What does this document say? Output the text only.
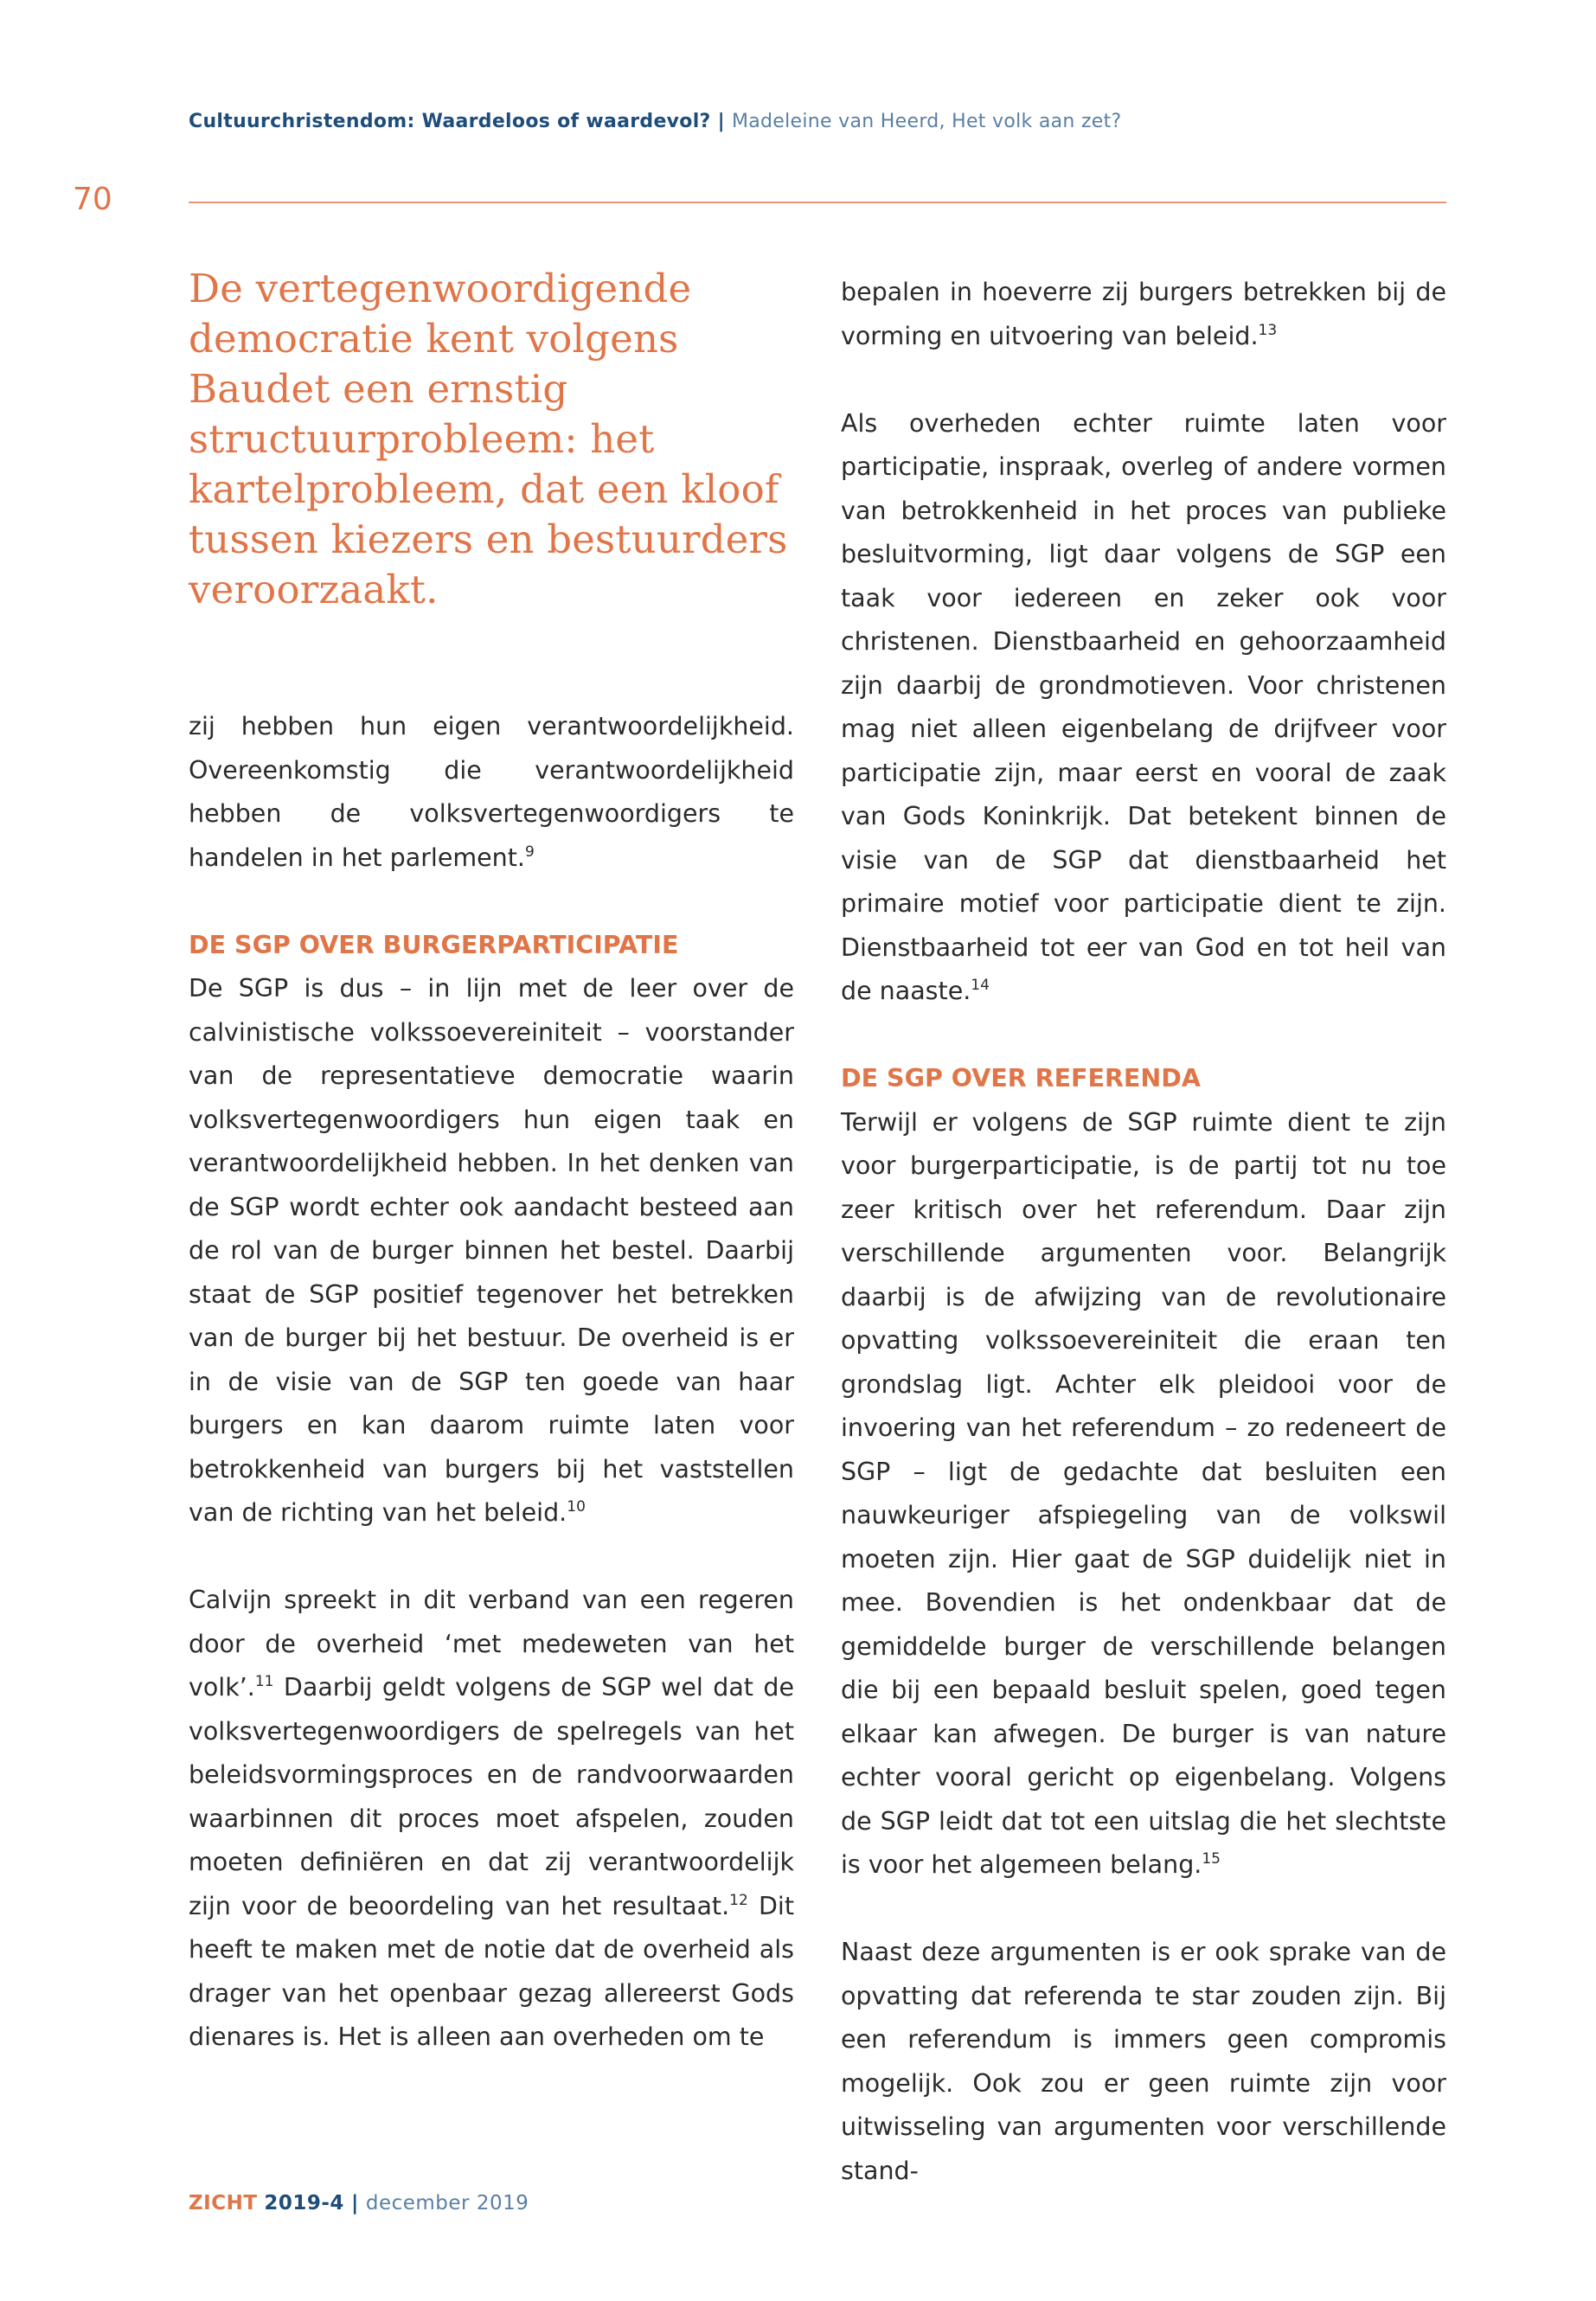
Cultuurchristendom: Waardeloos of waardevol? | Madeleine van Heerd, Het volk aan zet?
70
De vertegenwoordigende democratie kent volgens Baudet een ernstig structuurprobleem: het kartelprobleem, dat een kloof tussen kiezers en bestuurders veroorzaakt.

zij hebben hun eigen verantwoordelijkheid. Overeenkomstig die verantwoordelijkheid hebben de volksvertegenwoordigers te handelen in het parlement.$^9$

DE SGP OVER BURGERPARTICIPATIE

De SGP is dus – in lijn met de leer over de calvinistische volkssoevereiniteit – voorstander van de representatieve democratie waarin volksvertegenwoordigers hun eigen taak en verantwoordelijkheid hebben. In het denken van de SGP wordt echter ook aandacht besteed aan de rol van de burger binnen het bestel. Daarbij staat de SGP positief tegenover het betrekken van de burger bij het bestuur. De overheid is er in de visie van de SGP ten goede van haar burgers en kan daarom ruimte laten voor betrokkenheid van burgers bij het vaststellen van de richting van het beleid.$^{10}$

Calvijn spreekt in dit verband van een regeren door de overheid ‘met medeweten van het volk’.$^{11}$ Daarbij geldt volgens de SGP wel dat de volksvertegenwoordigers de spelregels van het beleidsvormingsproces en de randvoorwaarden waarbinnen dit proces moet afspelen, zouden moeten definiëren en dat zij verantwoordelijk zijn voor de beoordeling van het resultaat.$^{12}$ Dit heeft te maken met de notie dat de overheid als drager van het openbaar gezag allereerst Gods dienares is. Het is alleen aan overheden om te

bepalen in hoeverre zij burgers betrekken bij de vorming en uitvoering van beleid.$^{13}$

Als overheden echter ruimte laten voor participatie, inspraak, overleg of andere vormen van betrokkenheid in het proces van publieke besluitvorming, ligt daar volgens de SGP een taak voor iedereen en zeker ook voor christenen. Dienstbaarheid en gehoorzaamheid zijn daarbij de grondmotieven. Voor christenen mag niet alleen eigenbelang de drijfveer voor participatie zijn, maar eerst en vooral de zaak van Gods Koninkrijk. Dat betekent binnen de visie van de SGP dat dienstbaarheid het primaire motief voor participatie dient te zijn. Dienstbaarheid tot eer van God en tot heil van de naaste.$^{14}$

DE SGP OVER REFERENDA

Terwijl er volgens de SGP ruimte dient te zijn voor burgerparticipatie, is de partij tot nu toe zeer kritisch over het referendum. Daar zijn verschillende argumenten voor. Belangrijk daarbij is de afwijzing van de revolutionaire opvatting volkssoevereiniteit die eraan ten grondslag ligt. Achter elk pleidooi voor de invoering van het referendum – zo redeneert de SGP – ligt de gedachte dat besluiten een nauwkeuriger afspiegeling van de volkswil moeten zijn. Hier gaat de SGP duidelijk niet in mee. Bovendien is het ondenkbaar dat de gemiddelde burger de verschillende belangen die bij een bepaald besluit spelen, goed tegen elkaar kan afwegen. De burger is van nature echter vooral gericht op eigenbelang. Volgens de SGP leidt dat tot een uitslag die het slechtste is voor het algemeen belang.$^{15}$

Naast deze argumenten is er ook sprake van de opvatting dat referenda te star zouden zijn. Bij een referendum is immers geen compromis mogelijk. Ook zou er geen ruimte zijn voor uitwisseling van argumenten voor verschillende stand-

ZICHT 2019-4 | december 2019
